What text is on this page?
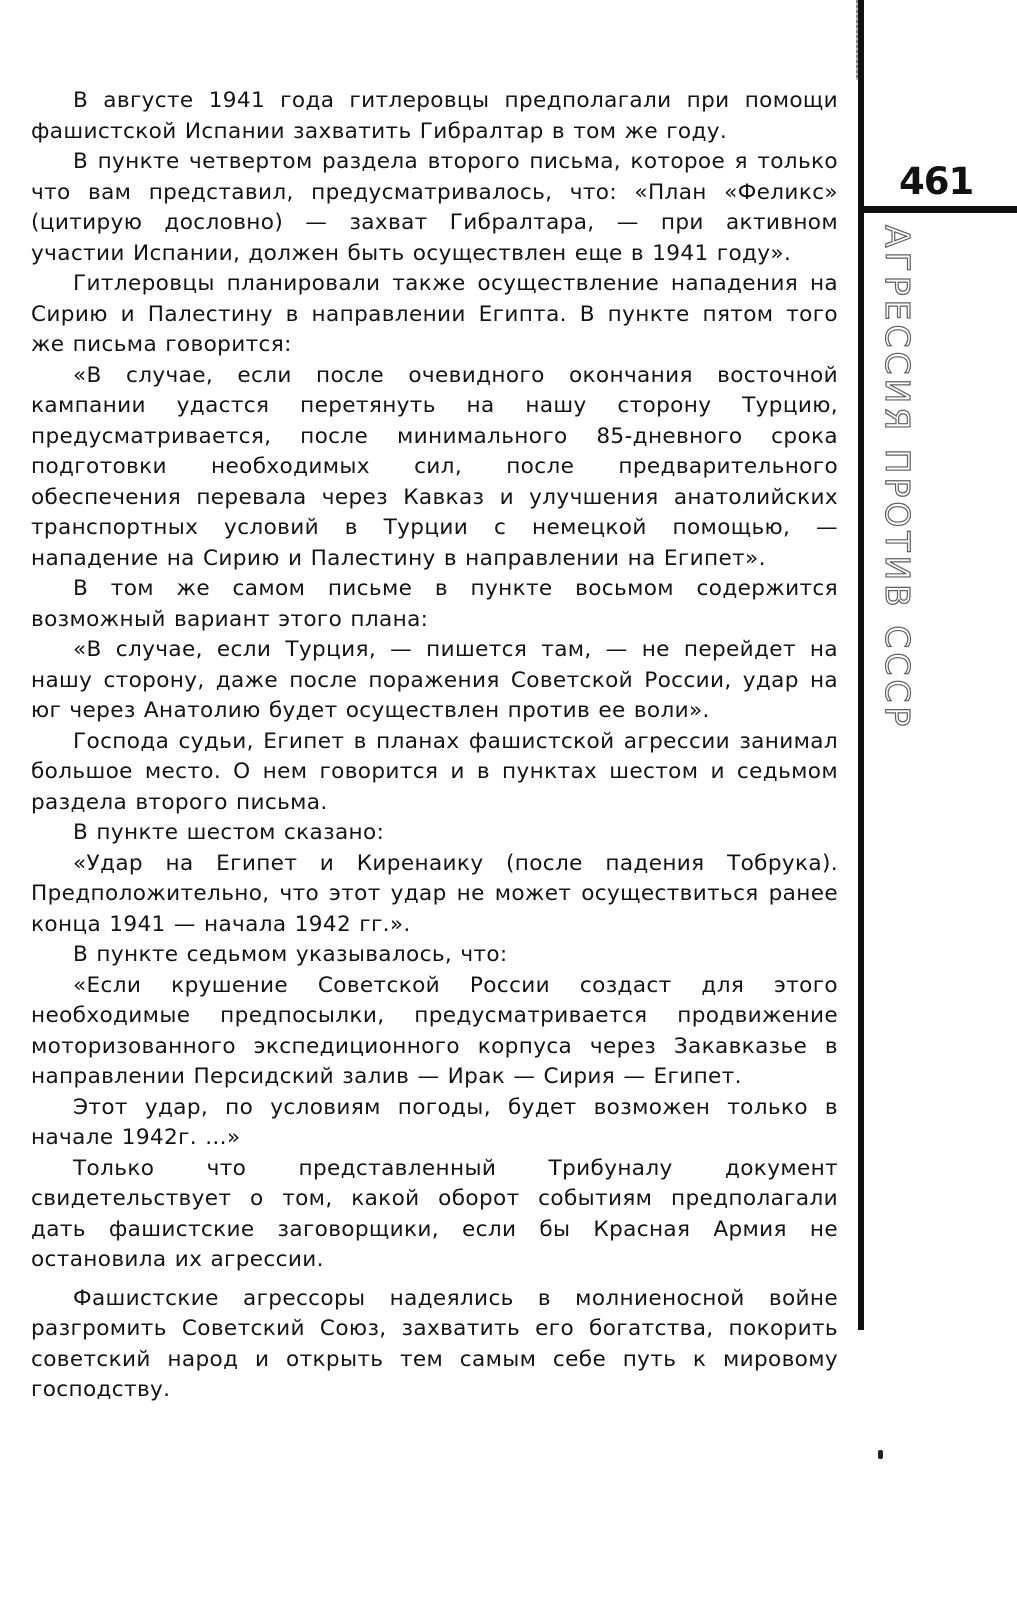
461
АГРЕССИЯ ПРОТИВ СССР

В августе 1941 года гитлеровцы предполагали при помощи фашистской Испании захватить Гибралтар в том же году.

В пункте четвертом раздела второго письма, которое я только что вам представил, предусматривалось, что: «План «Феликс» (цитирую дословно) — захват Гибралтара, — при активном участии Испании, должен быть осуществлен еще в 1941 году».

Гитлеровцы планировали также осуществление нападения на Сирию и Палестину в направлении Египта. В пункте пятом того же письма говорится:

«В случае, если после очевидного окончания восточной кампании удастся перетянуть на нашу сторону Турцию, предусматривается, после минимального 85-дневного срока подготовки необходимых сил, после предварительного обеспечения перевала через Кавказ и улучшения анатолийских транспортных условий в Турции с немецкой помощью, — нападение на Сирию и Палестину в направлении на Египет».

В том же самом письме в пункте восьмом содержится возможный вариант этого плана:

«В случае, если Турция, — пишется там, — не перейдет на нашу сторону, даже после поражения Советской России, удар на юг через Анатолию будет осуществлен против ее воли».

Господа судьи, Египет в планах фашистской агрессии занимал большое место. О нем говорится и в пунктах шестом и седьмом раздела второго письма.

В пункте шестом сказано:

«Удар на Египет и Киренаику (после падения Тобрука). Предположительно, что этот удар не может осуществиться ранее конца 1941 — начала 1942 гг.».

В пункте седьмом указывалось, что:

«Если крушение Советской России создаст для этого необходимые предпосылки, предусматривается продвижение моторизованного экспедиционного корпуса через Закавказье в направлении Персидский залив — Ирак — Сирия — Египет.

Этот удар, по условиям погоды, будет возможен только в начале 1942г. ...»

Только что представленный Трибуналу документ свидетельствует о том, какой оборот событиям предполагали дать фашистские заговорщики, если бы Красная Армия не остановила их агрессии.

Фашистские агрессоры надеялись в молниеносной войне разгромить Советский Союз, захватить его богатства, покорить советский народ и открыть тем самым себе путь к мировому господству.
